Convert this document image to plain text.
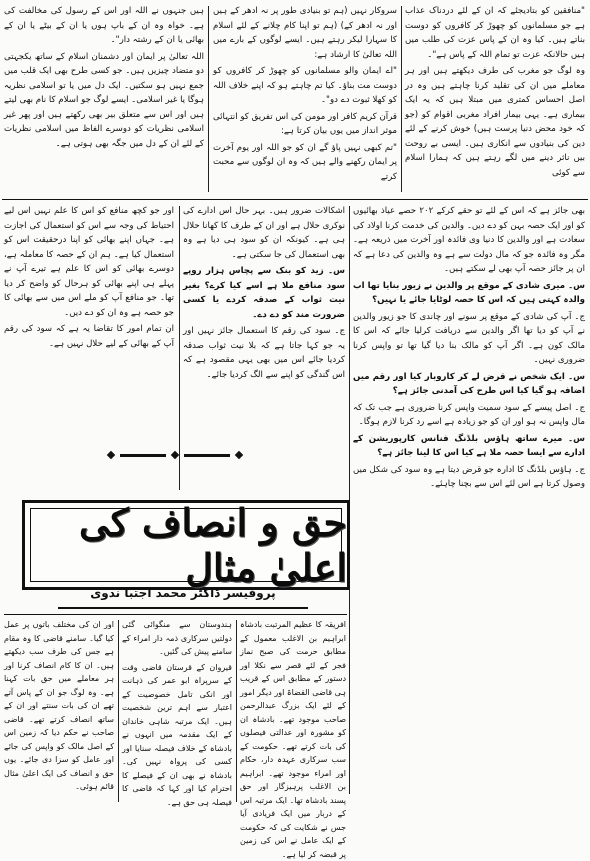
"منافقین کو بتادیجئے کہ ان کے لئے دردناک عذاب ہے جو مسلمانوں کو چھوڑ کر کافروں کو دوست بناتے ہیں۔ کیا وہ ان کے پاس عزت کی طلب میں ہیں حالانکہ عزت تو تمام اللہ کے پاس ہے"۔

وہ لوگ جو مغرب کی طرف دیکھتے ہیں اور ہر معاملے میں ان کی تقلید کرنا چاہتے ہیں وہ در اصل احساس کمتری میں مبتلا ہیں کہ یہ ایک بیماری ہے۔ یہی بیمار افراد مغربی اقوام کو (جو کہ خود محض دنیا پرست ہیں) خوش کرنے کے لئے دین کی بنیادوں سے انکاری ہیں۔ ایسی بے روحت بیں ناثر دینے میں لگے رہتے ہیں کہ ہمارا اسلام سے کوئی

سروکار نہیں (ہم تو بنیادی طور پر نہ ادھر کے ہیں اور نہ ادھر کے) (ہم تو اپنا کام چلانے کے لئے اسلام کا سہارا لیکر رہتے ہیں۔ ایسے لوگوں کے بارے میں اللہ تعالیٰ کا ارشاد ہے:

"اے ایمان والو مسلمانوں کو چھوڑ کر کافروں کو دوست مت بناؤ۔ کیا تم چاہتے ہو کہ اپنے خلاف اللہ کو کھلا ثبوت دے دو"۔

قرآن کریم کافر اور مومن کی اس تفریق کو انتہائی موثر انداز میں یوں بیان کرتا ہے:

"تم کبھی نہیں پاؤ گے ان کو جو اللہ اور یوم آخرت پر ایمان رکھنے والے ہیں کہ وہ ان لوگوں سے محبت کرتے

ہیں جنہوں نے اللہ اور اس کے رسول کی مخالفت کی ہے۔ خواہ وہ ان کے باپ ہوں یا ان کے بیٹے یا ان کے بھائی یا ان کے رشتہ دار"۔

اللہ تعالیٰ پر ایمان اور دشمنان اسلام کے ساتھ یکجہتی دو متضاد چیزیں ہیں۔ جو کسی طرح بھی ایک قلب میں جمع نہیں ہو سکتیں۔ ایک دل میں یا تو اسلامی نظریہ ہوگا یا غیر اسلامی۔ ایسے لوگ جو اسلام کا نام بھی لیتے ہیں اور اس سے متعلق بیر بھی رکھتے ہیں اور پھر غیر اسلامی نظریات کو دوسرے الفاظ میں اسلامی نظریات کے لئے ان کے دل میں جگہ بھی ہوتی ہے۔

بھی جائز ہے کہ اس کے لئے تو حقے کرکے ۲۰۲ حصے عیاذ بھائیوں کو اور ایک حصہ بہن کو دے دیں۔ والدین کی خدمت کرنا اولاد کی سعادت ہے اور والدین کا دنیا وی فائدہ اور آخرت میں ذریعہ ہے۔ مگر وہ فائدہ جو کہ مال دولت سے ہے وہ والدین کی دعا ہے کہ ان پر جائز حصہ آپ بھی لے سکتے ہیں۔

س۔ میری شادی کے موقع پر والدین نے زیور بنایا تھا اب والدہ کہتی ہیں کہ اس کا حصہ لوٹایا جائے یا نہیں؟

ج۔ آپ کی شادی کے موقع پر سونے اور چاندی کا جو زیور والدین نے آپ کو دیا تھا اگر والدین سے دریافت کرلیا جائے کہ اس کا مالک کون ہے۔ اگر آپ کو مالک بنا دیا گیا تھا تو واپس کرنا ضروری نہیں۔

س۔ ایک شخص نے قرض لے کر کاروبار کیا اور رقم میں اضافہ ہو گیا کیا اس طرح کی آمدنی جائز ہے؟

ج۔ اصل پیسے کے سود سمیت واپس کرنا ضروری ہے جب تک کہ مال واپس نہ ہو اور ان کو جو زیادہ ہے اسے رد کرنا لازم ہوگا۔

س۔ میرے ساتھ ہاؤس بلڈنگ فنانس کارپوریشن کے ادارے سے ایسا حصہ ملا ہے کیا اس کا لینا جائز ہے؟

ج۔ ہاؤس بلڈنگ کا ادارہ جو قرض دیتا ہے وہ سود کی شکل میں وصول کرتا ہے اس لئے اس سے بچنا چاہئے۔

اشکالات ضرور ہیں۔ بہر حال اس ادارے کی نوکری حلال ہے اور ان کے طرف کا کھانا حلال ہی ہے۔ کیونکہ ان کو سود ہی دیا ہے وہ بھی استعمال کی جا سکتی ہے۔

س۔ زید کو بنک سے پچاس ہزار روپے سود منافع ملا ہے اسے کیا کرے؟ بغیر نیت ثواب کے صدقہ کردے یا کسی ضرورت مند کو دے دے۔

ج۔ سود کی رقم کا استعمال جائز نہیں اور یہ جو کہا جاتا ہے کہ بلا نیت ثواب صدقہ کردیا جائے اس میں بھی یہی مقصود ہے کہ اس گندگی کو اپنے سے الگ کردیا جائے۔

اور جو کچھ منافع کو اس کا علم نہیں اس لیے احتیاط کی وجہ سے اس کو استعمال کی اجازت ہے۔ جہاں اپنے بھائی کو اپنا درحقیقت اس کو استعمال کیا ہے۔ ہم ان کے حصہ کا معاملہ ہے، دوسرے بھائی کو اس کا علم ہے تیرے آپ نے پہلے ہی اپنے بھائی کو ہرحال کو واضح کر دیا تھا۔ جو منافع آپ کو ملے اس میں سے بھائی کا جو حصہ ہے وہ ان کو دے دیں۔

ان تمام امور کا تقاضا یہ ہے کہ سود کی رقم آپ کے بھائی کے لیے حلال نہیں ہے۔

حق و انصاف کی اعلیٰ مثال
پروفیسر ڈاکٹر محمد اجتبا ندوی

افریقہ کا عظیم المرتبت بادشاہ ابراہیم بن الاغلب معمول کے مطابق حرمت کی صبح نماز فجر کے لئے قصر سے نکلا اور دستور کے مطابق اس کے قریب ہی قاضی القضاۃ اور دیگر امور کے لئے ایک بزرگ عبدالرحمن صاحب موجود تھے۔ بادشاہ ان کو مشورہ اور عدالتی فیصلوں کی بات کرتے تھے۔ حکومت کے سب سرکاری عہدہ دار، حکام اور امراء موجود تھے۔ ابراہیم بن الاغلب پرہیزگار اور حق پسند بادشاہ تھا۔ ایک مرتبہ اس کے دربار میں ایک فریادی آیا جس نے شکایت کی کہ حکومت کے ایک عامل نے اس کی زمین پر قبضہ کر لیا ہے۔

ہندوستان سے منگوائی گئی دولتیں سرکاری ذمہ دار امراء کے سامنے پیش کی گئیں۔

قیروان کے قرستان قاضی وقت کے سرپراہ ابو عمر کی ذہانت اور انکی تامل خصوصیت کے اعتبار سے اہم ترین شخصیت ہیں۔ ایک مرتبہ شاہی خاندان کے ایک مقدمہ میں انہوں نے بادشاہ کے خلاف فیصلہ سنایا اور کسی کی پرواہ نہیں کی۔ بادشاہ نے بھی ان کے فیصلے کا احترام کیا اور کہا کہ قاضی کا فیصلہ ہی حق ہے۔

اور ان کی مختلف باتوں پر عمل کیا گیا۔ سامنے قاضی کا وہ مقام ہے جس کی طرف سب دیکھتے ہیں۔ ان کا کام انصاف کرنا اور ہر معاملے میں حق بات کہنا ہے۔ وہ لوگ جو ان کے پاس آتے تھے ان کی بات سنتے اور ان کے ساتھ انصاف کرتے تھے۔ قاضی صاحب نے حکم دیا کہ زمین اس کے اصل مالک کو واپس کی جائے اور عامل کو سزا دی جائے۔ یوں حق و انصاف کی ایک اعلیٰ مثال قائم ہوئی۔
